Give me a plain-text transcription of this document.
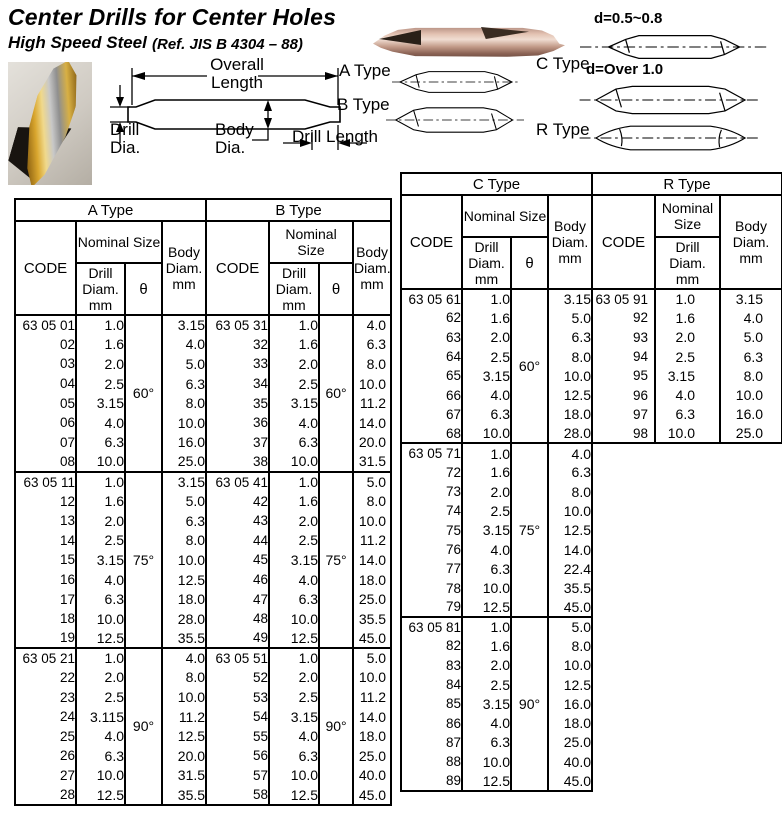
Center Drills for Center Holes
High Speed Steel (Ref. JIS B 4304 – 88)
Overall Length
Drill Dia.
Body Dia.
Drill Length
A Type
B Type
C Type
R Type
d=0.5~0.8
d=Over 1.0
A Type				B Type			
CODE	Nominal Size		Body Diam. mm	CODE	Nominal Size		Body Diam. mm
	Drill Diam. mm	θ			Drill Diam. mm	θ	
63 05 01	1.0	60°	3.15	63 05 31	1.0	60°	4.0
02	1.6		4.0	32	1.6		6.3
03	2.0		5.0	33	2.0		8.0
04	2.5		6.3	34	2.5		10.0
05	3.15		8.0	35	3.15		11.2
06	4.0		10.0	36	4.0		14.0
07	6.3		16.0	37	6.3		20.0
08	10.0		25.0	38	10.0		31.5
63 05 11	1.0	75°	3.15	63 05 41	1.0	75°	5.0
12	1.6		5.0	42	1.6		8.0
13	2.0		6.3	43	2.0		10.0
14	2.5		8.0	44	2.5		11.2
15	3.15		10.0	45	3.15		14.0
16	4.0		12.5	46	4.0		18.0
17	6.3		18.0	47	6.3		25.0
18	10.0		28.0	48	10.0		35.5
19	12.5		35.5	49	12.5		45.0
63 05 21	1.0	90°	4.0	63 05 51	1.0	90°	5.0
22	2.0		8.0	52	2.0		10.0
23	2.5		10.0	53	2.5		11.2
24	3.115		11.2	54	3.15		14.0
25	4.0		12.5	55	4.0		18.0
26	6.3		20.0	56	6.3		25.0
27	10.0		31.5	57	10.0		40.0
28	12.5		35.5	58	12.5		45.0
C Type				R Type		
CODE	Nominal Size		Body Diam. mm	CODE	Nominal Size	Body Diam. mm
	Drill Diam. mm	θ			Drill Diam. mm	
63 05 61	1.0	60°	3.15	63 05 91	1.0	3.15
62	1.6		5.0	92	1.6	4.0
63	2.0		6.3	93	2.0	5.0
64	2.5		8.0	94	2.5	6.3
65	3.15		10.0	95	3.15	8.0
66	4.0		12.5	96	4.0	10.0
67	6.3		18.0	97	6.3	16.0
68	10.0		28.0	98	10.0	25.0
63 05 71	1.0	75°	4.0			
72	1.6		6.3			
73	2.0		8.0			
74	2.5		10.0			
75	3.15		12.5			
76	4.0		14.0			
77	6.3		22.4			
78	10.0		35.5			
79	12.5		45.0			
63 05 81	1.0	90°	5.0			
82	1.6		8.0			
83	2.0		10.0			
84	2.5		12.5			
85	3.15		16.0			
86	4.0		18.0			
87	6.3		25.0			
88	10.0		40.0			
89	12.5		45.0			
